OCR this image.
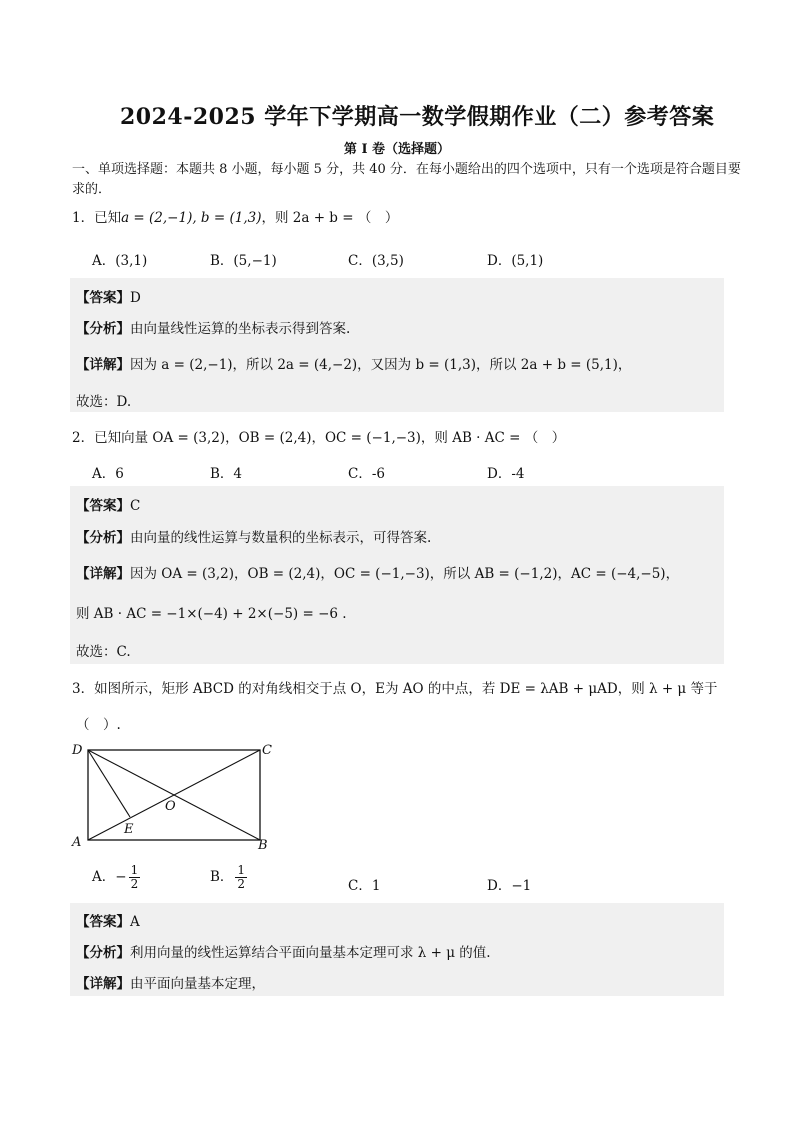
2024-2025 学年下学期高一数学假期作业（二）参考答案
第 I 卷（选择题）
一、单项选择题：本题共 8 小题，每小题 5 分，共 40 分．在每小题给出的四个选项中，只有一个选项是符合题目要求的．
1．已知a = (2,−1), b = (1,3)，则 2a + b = （　）
A．(3,1)	B．(5,−1)	C．(3,5)	D．(5,1)
【答案】D
【分析】由向量线性运算的坐标表示得到答案.
【详解】因为 a = (2,−1)，所以 2a = (4,−2)，又因为 b = (1,3)，所以 2a + b = (5,1)，
故选：D.
2．已知向量 OA = (3,2)，OB = (2,4)，OC = (−1,−3)，则 AB · AC = （　）
A．6	B．4	C．-6	D．-4
【答案】C
【分析】由向量的线性运算与数量积的坐标表示，可得答案.
【详解】因为 OA = (3,2)，OB = (2,4)，OC = (−1,−3)，所以 AB = (−1,2)，AC = (−4,−5)，
则 AB · AC = −1×(−4) + 2×(−5) = −6 .
故选：C.
3．如图所示，矩形 ABCD 的对角线相交于点 O，E为 AO 的中点，若 DE = λAB + μAD，则 λ + μ 等于
（　）.
D	C
A	B
O
E
A．− $\frac{1}{2}$	B． $\frac{1}{2}$	C．1	D．−1
【答案】A
【分析】利用向量的线性运算结合平面向量基本定理可求 λ + μ 的值.
【详解】由平面向量基本定理，
